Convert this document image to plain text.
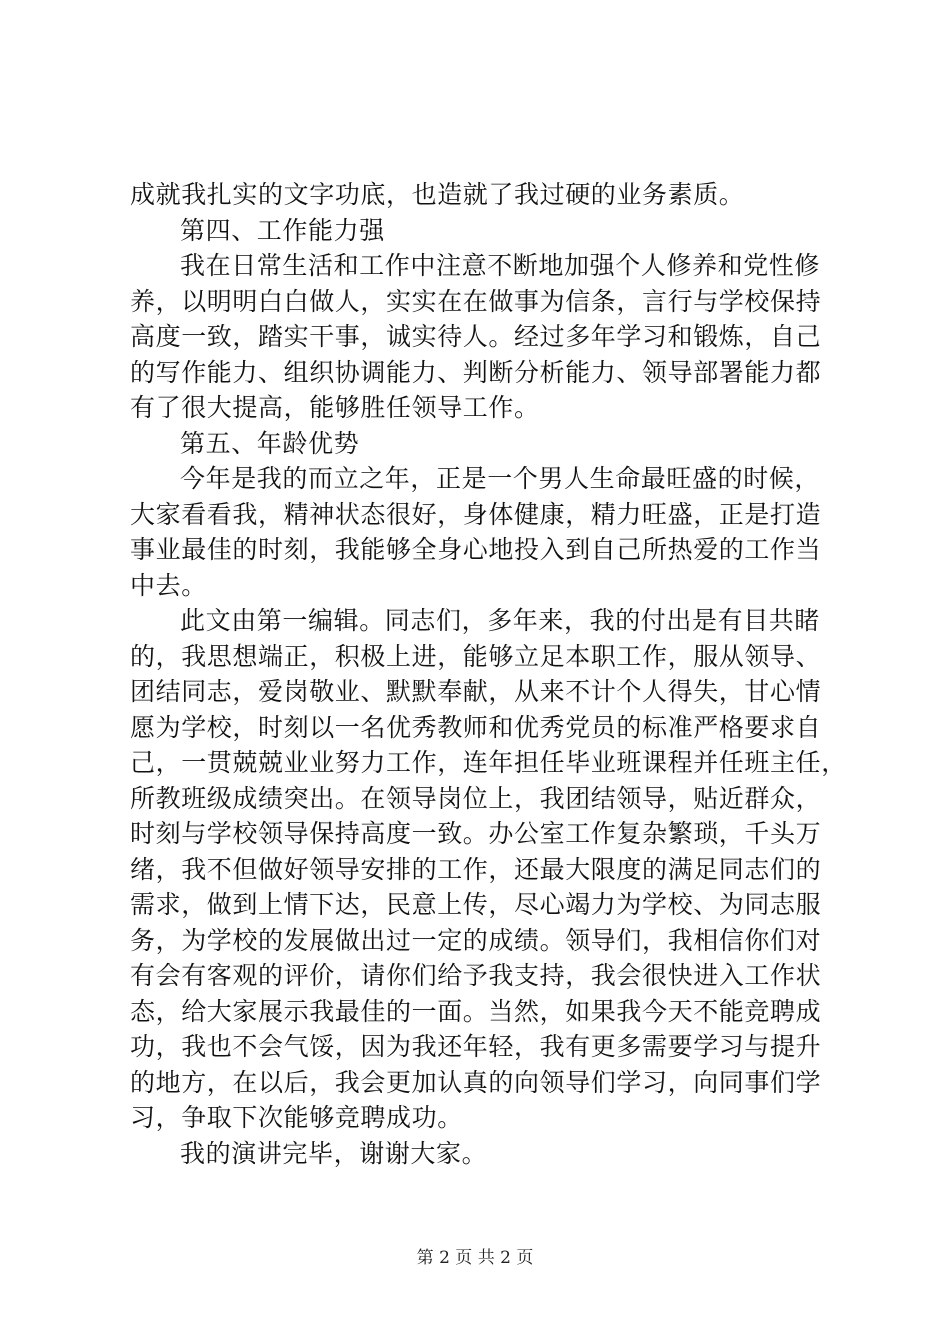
成就我扎实的文字功底，也造就了我过硬的业务素质。
第四、工作能力强
我在日常生活和工作中注意不断地加强个人修养和党性修
养，以明明白白做人，实实在在做事为信条，言行与学校保持
高度一致，踏实干事，诚实待人。经过多年学习和锻炼，自己
的写作能力、组织协调能力、判断分析能力、领导部署能力都
有了很大提高，能够胜任领导工作。
第五、年龄优势
今年是我的而立之年，正是一个男人生命最旺盛的时候，
大家看看我，精神状态很好，身体健康，精力旺盛，正是打造
事业最佳的时刻，我能够全身心地投入到自己所热爱的工作当
中去。
此文由第一编辑。同志们，多年来，我的付出是有目共睹
的，我思想端正，积极上进，能够立足本职工作，服从领导、
团结同志，爱岗敬业、默默奉献，从来不计个人得失，甘心情
愿为学校，时刻以一名优秀教师和优秀党员的标准严格要求自
己，一贯兢兢业业努力工作，连年担任毕业班课程并任班主任，
所教班级成绩突出。在领导岗位上，我团结领导，贴近群众，
时刻与学校领导保持高度一致。办公室工作复杂繁琐，千头万
绪，我不但做好领导安排的工作，还最大限度的满足同志们的
需求，做到上情下达，民意上传，尽心竭力为学校、为同志服
务，为学校的发展做出过一定的成绩。领导们，我相信你们对
有会有客观的评价，请你们给予我支持，我会很快进入工作状
态，给大家展示我最佳的一面。当然，如果我今天不能竞聘成
功，我也不会气馁，因为我还年轻，我有更多需要学习与提升
的地方，在以后，我会更加认真的向领导们学习，向同事们学
习，争取下次能够竞聘成功。
我的演讲完毕，谢谢大家。
第 2 页 共 2 页
